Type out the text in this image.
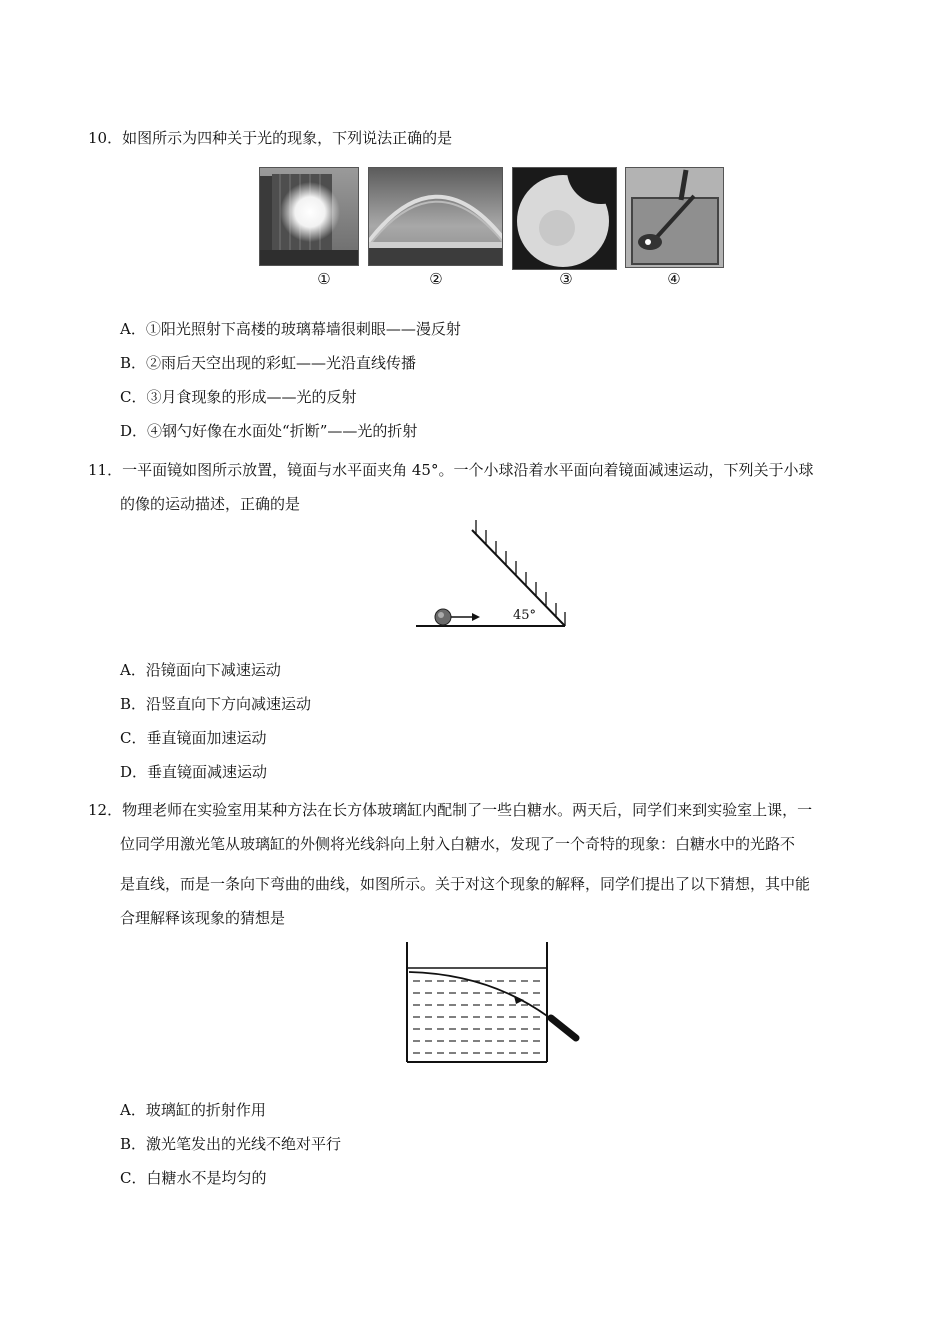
10．如图所示为四种关于光的现象，下列说法正确的是
①	②	③	④
A．①阳光照射下高楼的玻璃幕墙很刺眼——漫反射
B．②雨后天空出现的彩虹——光沿直线传播
C．③月食现象的形成——光的反射
D．④钢勺好像在水面处“折断”——光的折射
11．一平面镜如图所示放置，镜面与水平面夹角 45°。一个小球沿着水平面向着镜面减速运动，下列关于小球
的像的运动描述，正确的是
45°
A．沿镜面向下减速运动
B．沿竖直向下方向减速运动
C．垂直镜面加速运动
D．垂直镜面减速运动
12．物理老师在实验室用某种方法在长方体玻璃缸内配制了一些白糖水。两天后，同学们来到实验室上课，一
位同学用激光笔从玻璃缸的外侧将光线斜向上射入白糖水，发现了一个奇特的现象：白糖水中的光路不
是直线，而是一条向下弯曲的曲线，如图所示。关于对这个现象的解释，同学们提出了以下猜想，其中能
合理解释该现象的猜想是
A．玻璃缸的折射作用
B．激光笔发出的光线不绝对平行
C．白糖水不是均匀的
